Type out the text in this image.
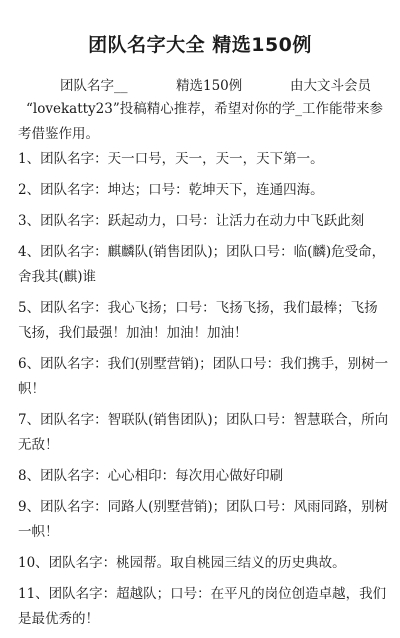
团队名字大全 精选150例
团队名字__	精选150例	由大文斗会员
“lovekatty23”投稿精心推荐，希望对你的学_工作能带来参考借鉴作用。
1、团队名字：天一口号，天一，天一，天下第一。
2、团队名字：坤达；口号：乾坤天下，连通四海。
3、团队名字：跃起动力，口号：让活力在动力中飞跃此刻
4、团队名字：麒麟队(销售团队)；团队口号：临(麟)危受命，舍我其(麒)谁
5、团队名字：我心飞扬；口号：飞扬飞扬，我们最棒；飞扬飞扬，我们最强！加油！加油！加油！
6、团队名字：我们(别墅营销)；团队口号：我们携手，别树一帜！
7、团队名字：智联队(销售团队)；团队口号：智慧联合，所向无敌！
8、团队名字：心心相印：每次用心做好印刷
9、团队名字：同路人(别墅营销)；团队口号：风雨同路，别树一帜！
10、团队名字：桃园帮。取自桃园三结义的历史典故。
11、团队名字：超越队；口号：在平凡的岗位创造卓越，我们是最优秀的！
